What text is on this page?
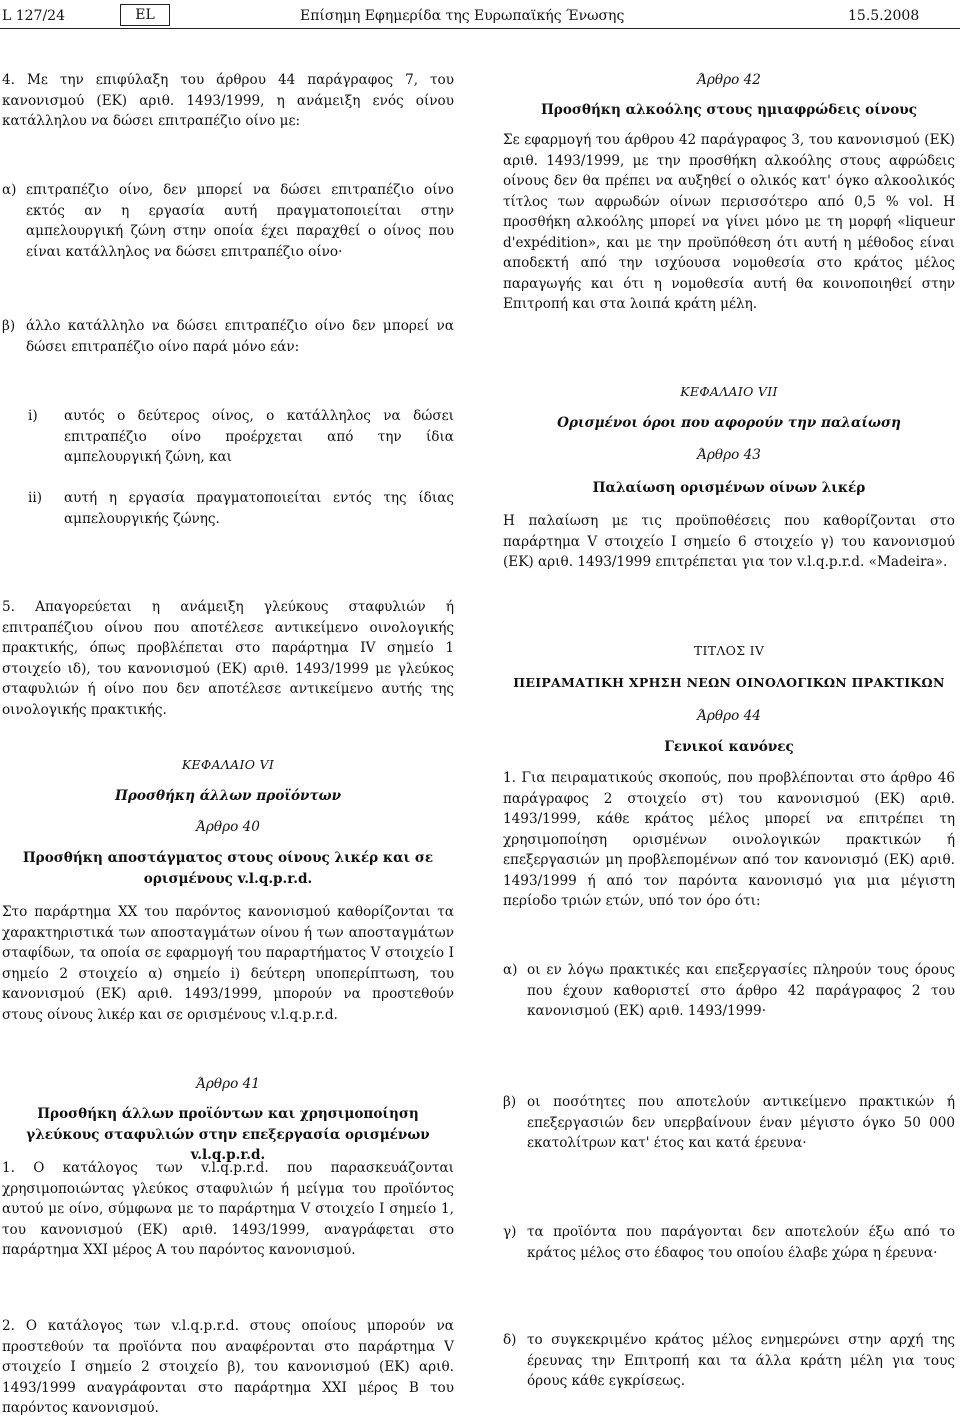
L 127/24	EL	Επίσημη Εφημερίδα της Ευρωπαϊκής Ένωσης	15.5.2008
4. Με την επιφύλαξη του άρθρου 44 παράγραφος 7, του κανονισμού (ΕΚ) αριθ. 1493/1999, η ανάμειξη ενός οίνου κατάλληλου να δώσει επιτραπέζιο οίνο με:
α) επιτραπέζιο οίνο, δεν μπορεί να δώσει επιτραπέζιο οίνο εκτός αν η εργασία αυτή πραγματοποιείται στην αμπελουργική ζώνη στην οποία έχει παραχθεί ο οίνος που είναι κατάλληλος να δώσει επιτραπέζιο οίνο·
β) άλλο κατάλληλο να δώσει επιτραπέζιο οίνο δεν μπορεί να δώσει επιτραπέζιο οίνο παρά μόνο εάν:
i)	αυτός ο δεύτερος οίνος, ο κατάλληλος να δώσει επιτραπέζιο οίνο προέρχεται από την ίδια αμπελουργική ζώνη, και
ii)	αυτή η εργασία πραγματοποιείται εντός της ίδιας αμπελουργικής ζώνης.
5. Απαγορεύεται η ανάμειξη γλεύκους σταφυλιών ή επιτραπέζιου οίνου που αποτέλεσε αντικείμενο οινολογικής πρακτικής, όπως προβλέπεται στο παράρτημα IV σημείο 1 στοιχείο ιδ), του κανονισμού (ΕΚ) αριθ. 1493/1999 με γλεύκος σταφυλιών ή οίνο που δεν αποτέλεσε αντικείμενο αυτής της οινολογικής πρακτικής.
ΚΕΦΑΛΑΙΟ VI
Προσθήκη άλλων προϊόντων
Άρθρο 40
Προσθήκη αποστάγματος στους οίνους λικέρ και σε ορισμένους v.l.q.p.r.d.
Στο παράρτημα XX του παρόντος κανονισμού καθορίζονται τα χαρακτηριστικά των αποσταγμάτων οίνου ή των αποσταγμάτων σταφίδων, τα οποία σε εφαρμογή του παραρτήματος V στοιχείο I σημείο 2 στοιχείο α) σημείο i) δεύτερη υποπερίπτωση, του κανονισμού (ΕΚ) αριθ. 1493/1999, μπορούν να προστεθούν στους οίνους λικέρ και σε ορισμένους v.l.q.p.r.d.
Άρθρο 41
Προσθήκη άλλων προϊόντων και χρησιμοποίηση γλεύκους σταφυλιών στην επεξεργασία ορισμένων v.l.q.p.r.d.
1. Ο κατάλογος των v.l.q.p.r.d. που παρασκευάζονται χρησιμοποιώντας γλεύκος σταφυλιών ή μείγμα του προϊόντος αυτού με οίνο, σύμφωνα με το παράρτημα V στοιχείο I σημείο 1, του κανονισμού (ΕΚ) αριθ. 1493/1999, αναγράφεται στο παράρτημα XXI μέρος Α του παρόντος κανονισμού.
2. Ο κατάλογος των v.l.q.p.r.d. στους οποίους μπορούν να προστεθούν τα προϊόντα που αναφέρονται στο παράρτημα V στοιχείο I σημείο 2 στοιχείο β), του κανονισμού (ΕΚ) αριθ. 1493/1999 αναγράφονται στο παράρτημα XXI μέρος Β του παρόντος κανονισμού.
Άρθρο 42
Προσθήκη αλκοόλης στους ημιαφρώδεις οίνους
Σε εφαρμογή του άρθρου 42 παράγραφος 3, του κανονισμού (ΕΚ) αριθ. 1493/1999, με την προσθήκη αλκοόλης στους αφρώδεις οίνους δεν θα πρέπει να αυξηθεί ο ολικός κατ' όγκο αλκοολικός τίτλος των αφρωδών οίνων περισσότερο από 0,5 % vol. Η προσθήκη αλκοόλης μπορεί να γίνει μόνο με τη μορφή «liqueur d'expédition», και με την προϋπόθεση ότι αυτή η μέθοδος είναι αποδεκτή από την ισχύουσα νομοθεσία στο κράτος μέλος παραγωγής και ότι η νομοθεσία αυτή θα κοινοποιηθεί στην Επιτροπή και στα λοιπά κράτη μέλη.
ΚΕΦΑΛΑΙΟ VII
Ορισμένοι όροι που αφορούν την παλαίωση
Άρθρο 43
Παλαίωση ορισμένων οίνων λικέρ
Η παλαίωση με τις προϋποθέσεις που καθορίζονται στο παράρτημα V στοιχείο I σημείο 6 στοιχείο γ) του κανονισμού (ΕΚ) αριθ. 1493/1999 επιτρέπεται για τον v.l.q.p.r.d. «Madeira».
ΤΙΤΛΟΣ IV
ΠΕΙΡΑΜΑΤΙΚΗ ΧΡΗΣΗ ΝΕΩΝ ΟΙΝΟΛΟΓΙΚΩΝ ΠΡΑΚΤΙΚΩΝ
Άρθρο 44
Γενικοί κανόνες
1. Για πειραματικούς σκοπούς, που προβλέπονται στο άρθρο 46 παράγραφος 2 στοιχείο στ) του κανονισμού (ΕΚ) αριθ. 1493/1999, κάθε κράτος μέλος μπορεί να επιτρέπει τη χρησιμοποίηση ορισμένων οινολογικών πρακτικών ή επεξεργασιών μη προβλεπομένων από τον κανονισμό (ΕΚ) αριθ. 1493/1999 ή από τον παρόντα κανονισμό για μια μέγιστη περίοδο τριών ετών, υπό τον όρο ότι:
α) οι εν λόγω πρακτικές και επεξεργασίες πληρούν τους όρους που έχουν καθοριστεί στο άρθρο 42 παράγραφος 2 του κανονισμού (ΕΚ) αριθ. 1493/1999·
β) οι ποσότητες που αποτελούν αντικείμενο πρακτικών ή επεξεργασιών δεν υπερβαίνουν έναν μέγιστο όγκο 50 000 εκατολίτρων κατ' έτος και κατά έρευνα·
γ) τα προϊόντα που παράγονται δεν αποτελούν έξω από το κράτος μέλος στο έδαφος του οποίου έλαβε χώρα η έρευνα·
δ) το συγκεκριμένο κράτος μέλος ενημερώνει στην αρχή της έρευνας την Επιτροπή και τα άλλα κράτη μέλη για τους όρους κάθε εγκρίσεως.
